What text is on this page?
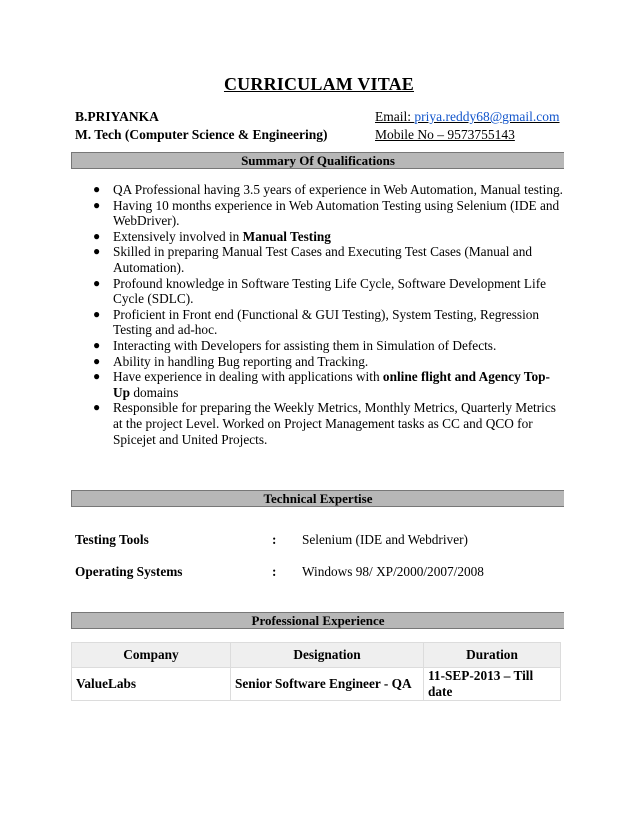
CURRICULAM VITAE
B.PRIYANKA
M. Tech (Computer Science & Engineering)
Email: priya.reddy68@gmail.com
Mobile No – 9573755143
Summary Of Qualifications
● QA Professional having 3.5 years of experience in Web Automation, Manual testing.
● Having 10 months experience in Web Automation Testing using Selenium (IDE and WebDriver).
● Extensively involved in Manual Testing
● Skilled in preparing Manual Test Cases and Executing Test Cases (Manual and Automation).
● Profound knowledge in Software Testing Life Cycle, Software Development Life Cycle (SDLC).
● Proficient in Front end (Functional & GUI Testing), System Testing, Regression Testing and ad-hoc.
● Interacting with Developers for assisting them in Simulation of Defects.
● Ability in handling Bug reporting and Tracking.
● Have experience in dealing with applications with online flight and Agency Top-Up domains
● Responsible for preparing the Weekly Metrics, Monthly Metrics, Quarterly Metrics at the project Level. Worked on Project Management tasks as CC and QCO for Spicejet and United Projects.
Technical Expertise
Testing Tools	: Selenium (IDE and Webdriver)
Operating Systems	: Windows 98/ XP/2000/2007/2008
Professional Experience
Company	Designation	Duration
ValueLabs	Senior Software Engineer - QA	11-SEP-2013 – Till date
